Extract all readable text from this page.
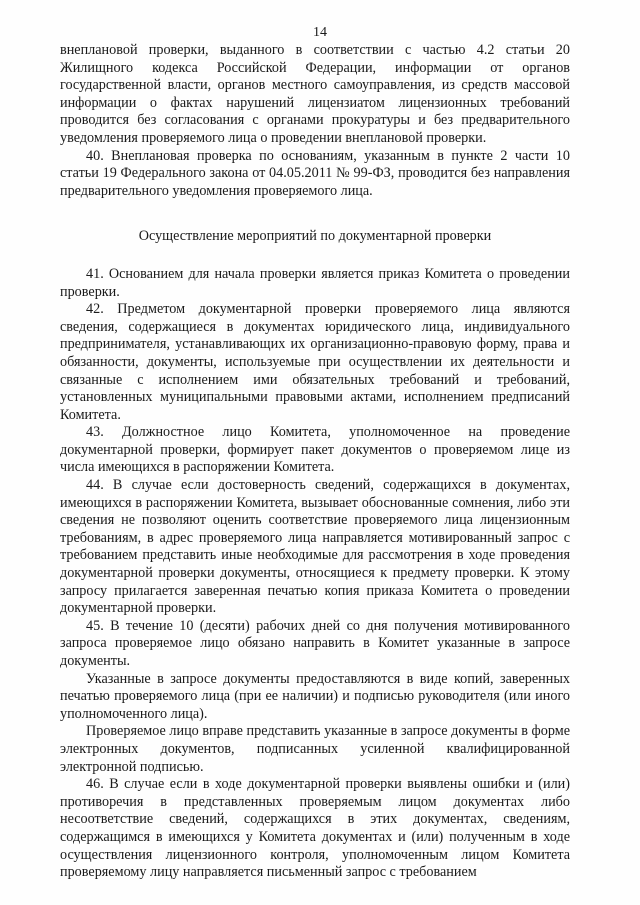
14

внеплановой проверки, выданного в соответствии с частью 4.2 статьи 20 Жилищного кодекса Российской Федерации, информации от органов государственной власти, органов местного самоуправления, из средств массовой информации о фактах нарушений лицензиатом лицензионных требований проводится без согласования с органами прокуратуры и без предварительного уведомления проверяемого лица о проведении внеплановой проверки.

40. Внеплановая проверка по основаниям, указанным в пункте 2 части 10 статьи 19 Федерального закона от 04.05.2011 № 99-ФЗ, проводится без направления предварительного уведомления проверяемого лица.

Осуществление мероприятий по документарной проверки

41. Основанием для начала проверки является приказ Комитета о проведении проверки.

42. Предметом документарной проверки проверяемого лица являются сведения, содержащиеся в документах юридического лица, индивидуального предпринимателя, устанавливающих их организационно-правовую форму, права и обязанности, документы, используемые при осуществлении их деятельности и связанные с исполнением ими обязательных требований и требований, установленных муниципальными правовыми актами, исполнением предписаний Комитета.

43. Должностное лицо Комитета, уполномоченное на проведение документарной проверки, формирует пакет документов о проверяемом лице из числа имеющихся в распоряжении Комитета.

44. В случае если достоверность сведений, содержащихся в документах, имеющихся в распоряжении Комитета, вызывает обоснованные сомнения, либо эти сведения не позволяют оценить соответствие проверяемого лица лицензионным требованиям, в адрес проверяемого лица направляется мотивированный запрос с требованием представить иные необходимые для рассмотрения в ходе проведения документарной проверки документы, относящиеся к предмету проверки. К этому запросу прилагается заверенная печатью копия приказа Комитета о проведении документарной проверки.

45. В течение 10 (десяти) рабочих дней со дня получения мотивированного запроса проверяемое лицо обязано направить в Комитет указанные в запросе документы.

Указанные в запросе документы предоставляются в виде копий, заверенных печатью проверяемого лица (при ее наличии) и подписью руководителя (или иного уполномоченного лица).

Проверяемое лицо вправе представить указанные в запросе документы в форме электронных документов, подписанных усиленной квалифицированной электронной подписью.

46. В случае если в ходе документарной проверки выявлены ошибки и (или) противоречия в представленных проверяемым лицом документах либо несоответствие сведений, содержащихся в этих документах, сведениям, содержащимся в имеющихся у Комитета документах и (или) полученным в ходе осуществления лицензионного контроля, уполномоченным лицом Комитета проверяемому лицу направляется письменный запрос с требованием
